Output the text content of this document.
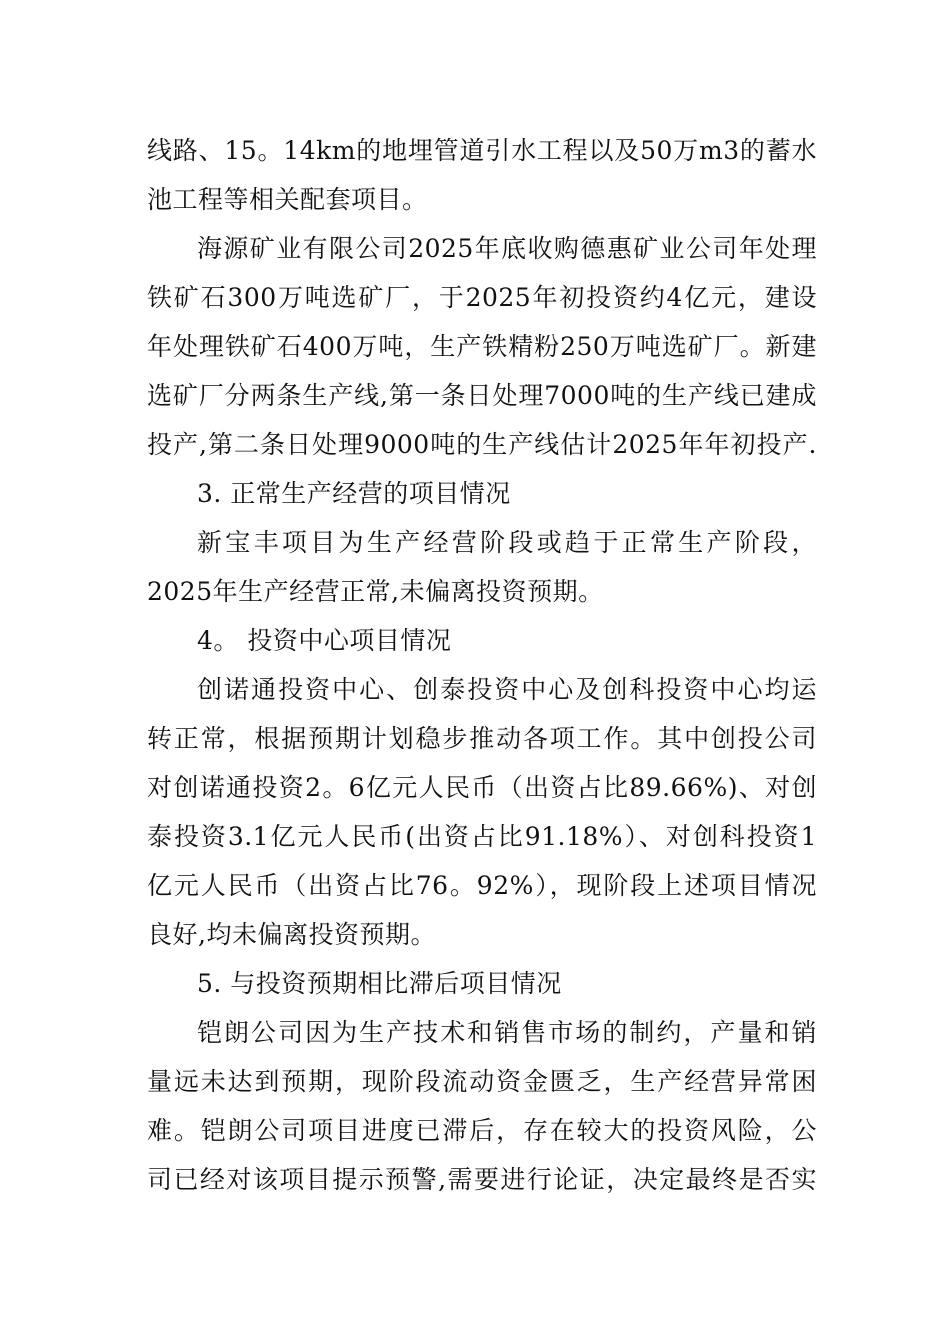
线路、15。14km的地埋管道引水工程以及50万m3的蓄水
池工程等相关配套项目。
海源矿业有限公司2025年底收购德惠矿业公司年处理
铁矿石300万吨选矿厂，于2025年初投资约4亿元，建设
年处理铁矿石400万吨，生产铁精粉250万吨选矿厂。新建
选矿厂分两条生产线,第一条日处理7000吨的生产线已建成
投产,第二条日处理9000吨的生产线估计2025年年初投产.
3. 正常生产经营的项目情况
新宝丰项目为生产经营阶段或趋于正常生产阶段，
2025年生产经营正常,未偏离投资预期。
4。 投资中心项目情况
创诺通投资中心、创泰投资中心及创科投资中心均运
转正常，根据预期计划稳步推动各项工作。其中创投公司
对创诺通投资2。6亿元人民币（出资占比89.66%)、对创
泰投资3.1亿元人民币(出资占比91.18%）、对创科投资1
亿元人民币（出资占比76。92%），现阶段上述项目情况
良好,均未偏离投资预期。
5. 与投资预期相比滞后项目情况
铠朗公司因为生产技术和销售市场的制约，产量和销
量远未达到预期，现阶段流动资金匮乏，生产经营异常困
难。铠朗公司项目进度已滞后，存在较大的投资风险，公
司已经对该项目提示预警,需要进行论证，决定最终是否实
